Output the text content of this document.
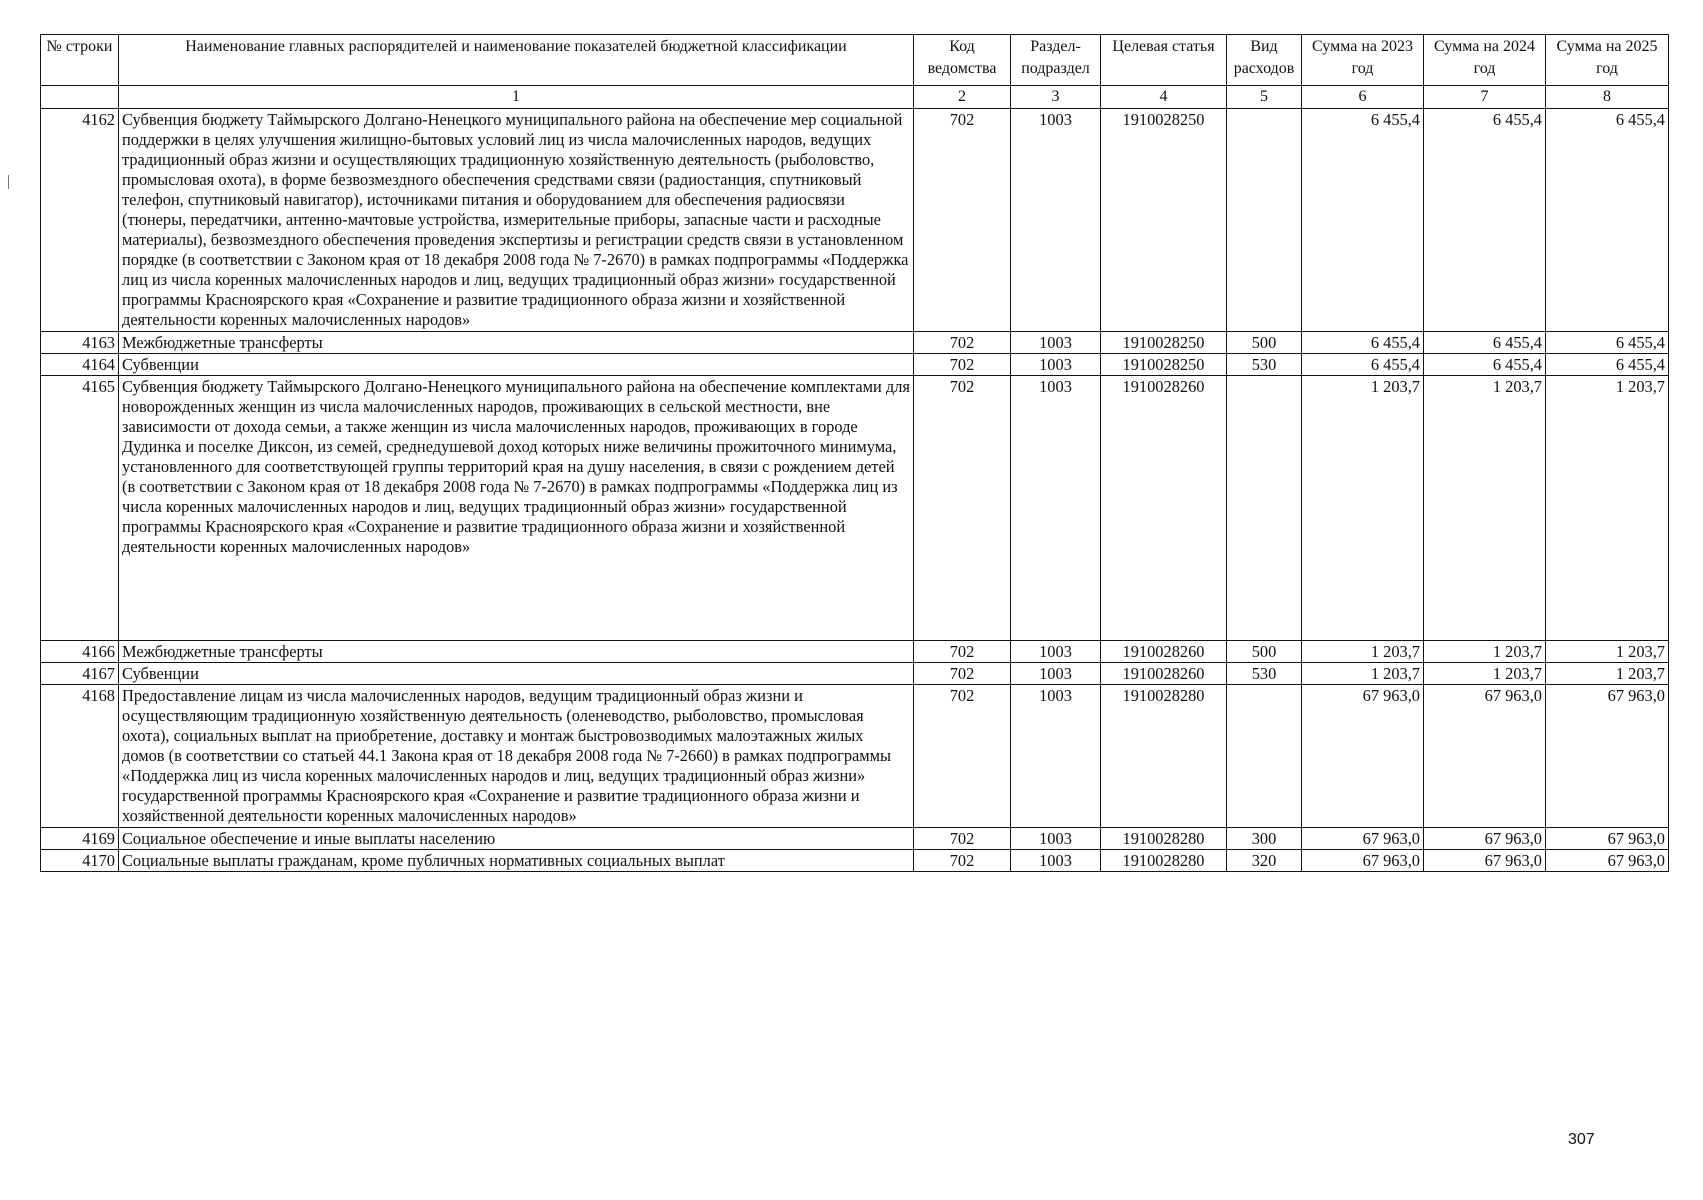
№ строки	Наименование главных распорядителей и наименование показателей бюджетной классификации	Код ведомства	Раздел-подраздел	Целевая статья	Вид расходов	Сумма на 2023 год	Сумма на 2024 год	Сумма на 2025 год
	1	2	3	4	5	6	7	8
4162	Субвенция бюджету Таймырского Долгано-Ненецкого муниципального района на обеспечение мер социальной поддержки в целях улучшения жилищно-бытовых условий лиц из числа малочисленных народов, ведущих традиционный образ жизни и осуществляющих традиционную хозяйственную деятельность (рыболовство, промысловая охота), в форме безвозмездного обеспечения средствами связи (радиостанция, спутниковый телефон, спутниковый навигатор), источниками питания и оборудованием для обеспечения радиосвязи (тюнеры, передатчики, антенно-мачтовые устройства, измерительные приборы, запасные части и расходные материалы), безвозмездного обеспечения проведения экспертизы и регистрации средств связи в установленном порядке (в соответствии с Законом края от 18 декабря 2008 года № 7-2670) в рамках подпрограммы «Поддержка лиц из числа коренных малочисленных народов и лиц, ведущих традиционный образ жизни» государственной программы Красноярского края «Сохранение и развитие традиционного образа жизни и хозяйственной деятельности коренных малочисленных народов»	702	1003	1910028250		6 455,4	6 455,4	6 455,4
4163	Межбюджетные трансферты	702	1003	1910028250	500	6 455,4	6 455,4	6 455,4
4164	Субвенции	702	1003	1910028250	530	6 455,4	6 455,4	6 455,4
4165	Субвенция бюджету Таймырского Долгано-Ненецкого муниципального района на обеспечение комплектами для новорожденных женщин из числа малочисленных народов, проживающих в сельской местности, вне зависимости от дохода семьи, а также женщин из числа малочисленных народов, проживающих в городе Дудинка и поселке Диксон, из семей, среднедушевой доход которых ниже величины прожиточного минимума, установленного для соответствующей группы территорий края на душу населения, в связи с рождением детей (в соответствии с Законом края от 18 декабря 2008 года № 7-2670) в рамках подпрограммы «Поддержка лиц из числа коренных малочисленных народов и лиц, ведущих традиционный образ жизни» государственной программы Красноярского края «Сохранение и развитие традиционного образа жизни и хозяйственной деятельности коренных малочисленных народов»	702	1003	1910028260		1 203,7	1 203,7	1 203,7
4166	Межбюджетные трансферты	702	1003	1910028260	500	1 203,7	1 203,7	1 203,7
4167	Субвенции	702	1003	1910028260	530	1 203,7	1 203,7	1 203,7
4168	Предоставление лицам из числа малочисленных народов, ведущим традиционный образ жизни и осуществляющим традиционную хозяйственную деятельность (оленеводство, рыболовство, промысловая охота), социальных выплат на приобретение, доставку и монтаж быстровозводимых малоэтажных жилых домов (в соответствии со статьей 44.1 Закона края от 18 декабря 2008 года № 7-2660) в рамках подпрограммы «Поддержка лиц из числа коренных малочисленных народов и лиц, ведущих традиционный образ жизни» государственной программы Красноярского края «Сохранение и развитие традиционного образа жизни и хозяйственной деятельности коренных малочисленных народов»	702	1003	1910028280		67 963,0	67 963,0	67 963,0
4169	Социальное обеспечение и иные выплаты населению	702	1003	1910028280	300	67 963,0	67 963,0	67 963,0
4170	Социальные выплаты гражданам, кроме публичных нормативных социальных выплат	702	1003	1910028280	320	67 963,0	67 963,0	67 963,0
307
